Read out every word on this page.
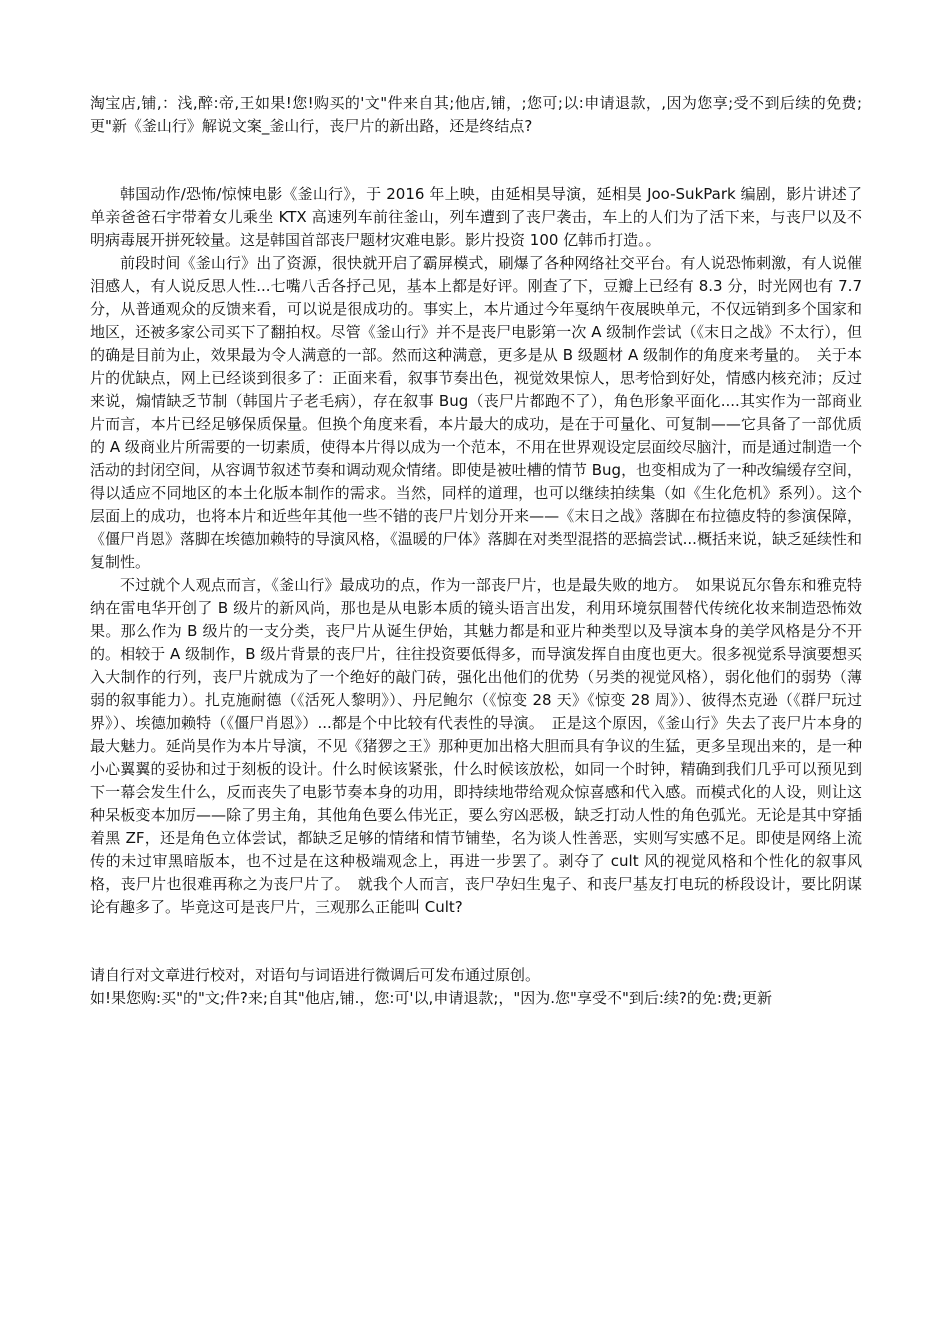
淘宝店,铺,：浅,醉:帝,王如果!您!购买的'文"件来自其;他店,铺，;您可;以:申请退款，,因为您享;受不到后续的免费;更"新《釜山行》解说文案_釜山行，丧尸片的新出路，还是终结点?

韩国动作/恐怖/惊悚电影《釜山行》，于 2016 年上映，由延相昊导演，延相昊 Joo-SukPark 编剧，影片讲述了单亲爸爸石宇带着女儿乘坐 KTX 高速列车前往釜山，列车遭到了丧尸袭击，车上的人们为了活下来，与丧尸以及不明病毒展开拼死较量。这是韩国首部丧尸题材灾难电影。影片投资 100 亿韩币打造。。

前段时间《釜山行》出了资源，很快就开启了霸屏模式，刷爆了各种网络社交平台。有人说恐怖刺激，有人说催泪感人，有人说反思人性...七嘴八舌各抒己见，基本上都是好评。刚查了下，豆瓣上已经有 8.3 分，时光网也有 7.7 分，从普通观众的反馈来看，可以说是很成功的。事实上，本片通过今年戛纳午夜展映单元，不仅远销到多个国家和地区，还被多家公司买下了翻拍权。尽管《釜山行》并不是丧尸电影第一次 A 级制作尝试（《末日之战》不太行），但的确是目前为止，效果最为令人满意的一部。然而这种满意，更多是从 B 级题材 A 级制作的角度来考量的。　关于本片的优缺点，网上已经谈到很多了：正面来看，叙事节奏出色，视觉效果惊人，思考恰到好处，情感内核充沛；反过来说，煽情缺乏节制（韩国片子老毛病），存在叙事 Bug（丧尸片都跑不了），角色形象平面化....其实作为一部商业片而言，本片已经足够保质保量。但换个角度来看，本片最大的成功，是在于可量化、可复制——它具备了一部优质的 A 级商业片所需要的一切素质，使得本片得以成为一个范本，不用在世界观设定层面绞尽脑汁，而是通过制造一个活动的封闭空间，从容调节叙述节奏和调动观众情绪。即使是被吐槽的情节 Bug，也变相成为了一种改编缓存空间，得以适应不同地区的本土化版本制作的需求。当然，同样的道理，也可以继续拍续集（如《生化危机》系列）。这个层面上的成功，也将本片和近些年其他一些不错的丧尸片划分开来——《末日之战》落脚在布拉德皮特的参演保障，《僵尸肖恩》落脚在埃德加赖特的导演风格，《温暖的尸体》落脚在对类型混搭的恶搞尝试...概括来说，缺乏延续性和复制性。

不过就个人观点而言，《釜山行》最成功的点，作为一部丧尸片，也是最失败的地方。　如果说瓦尔鲁东和雅克特纳在雷电华开创了 B 级片的新风尚，那也是从电影本质的镜头语言出发，利用环境氛围替代传统化妆来制造恐怖效果。那么作为 B 级片的一支分类，丧尸片从诞生伊始，其魅力都是和亚片种类型以及导演本身的美学风格是分不开的。相较于 A 级制作，B 级片背景的丧尸片，往往投资要低得多，而导演发挥自由度也更大。很多视觉系导演要想买入大制作的行列，丧尸片就成为了一个绝好的敲门砖，强化出他们的优势（另类的视觉风格），弱化他们的弱势（薄弱的叙事能力）。扎克施耐德（《活死人黎明》）、丹尼鲍尔（《惊变 28 天》《惊变 28 周》）、彼得杰克逊（《群尸玩过界》）、埃德加赖特（《僵尸肖恩》）...都是个中比较有代表性的导演。　正是这个原因，《釜山行》失去了丧尸片本身的最大魅力。延尚昊作为本片导演，不见《猪猡之王》那种更加出格大胆而具有争议的生猛，更多呈现出来的，是一种小心翼翼的妥协和过于刻板的设计。什么时候该紧张，什么时候该放松，如同一个时钟，精确到我们几乎可以预见到下一幕会发生什么，反而丧失了电影节奏本身的功用，即持续地带给观众惊喜感和代入感。而模式化的人设，则让这种呆板变本加厉——除了男主角，其他角色要么伟光正，要么穷凶恶极，缺乏打动人性的角色弧光。无论是其中穿插着黑 ZF，还是角色立体尝试，都缺乏足够的情绪和情节铺垫，名为谈人性善恶，实则写实感不足。即使是网络上流传的未过审黑暗版本，也不过是在这种极端观念上，再进一步罢了。剥夺了 cult 风的视觉风格和个性化的叙事风格，丧尸片也很难再称之为丧尸片了。　就我个人而言，丧尸孕妇生鬼子、和丧尸基友打电玩的桥段设计，要比阴谋论有趣多了。毕竟这可是丧尸片，三观那么正能叫 Cult?

请自行对文章进行校对，对语句与词语进行微调后可发布通过原创。

如!果您购:买"的"文;件?来;自其"他店,铺.，您:可'以,申请退款;，"因为.您"享受不"到后:续?的免:费;更新
